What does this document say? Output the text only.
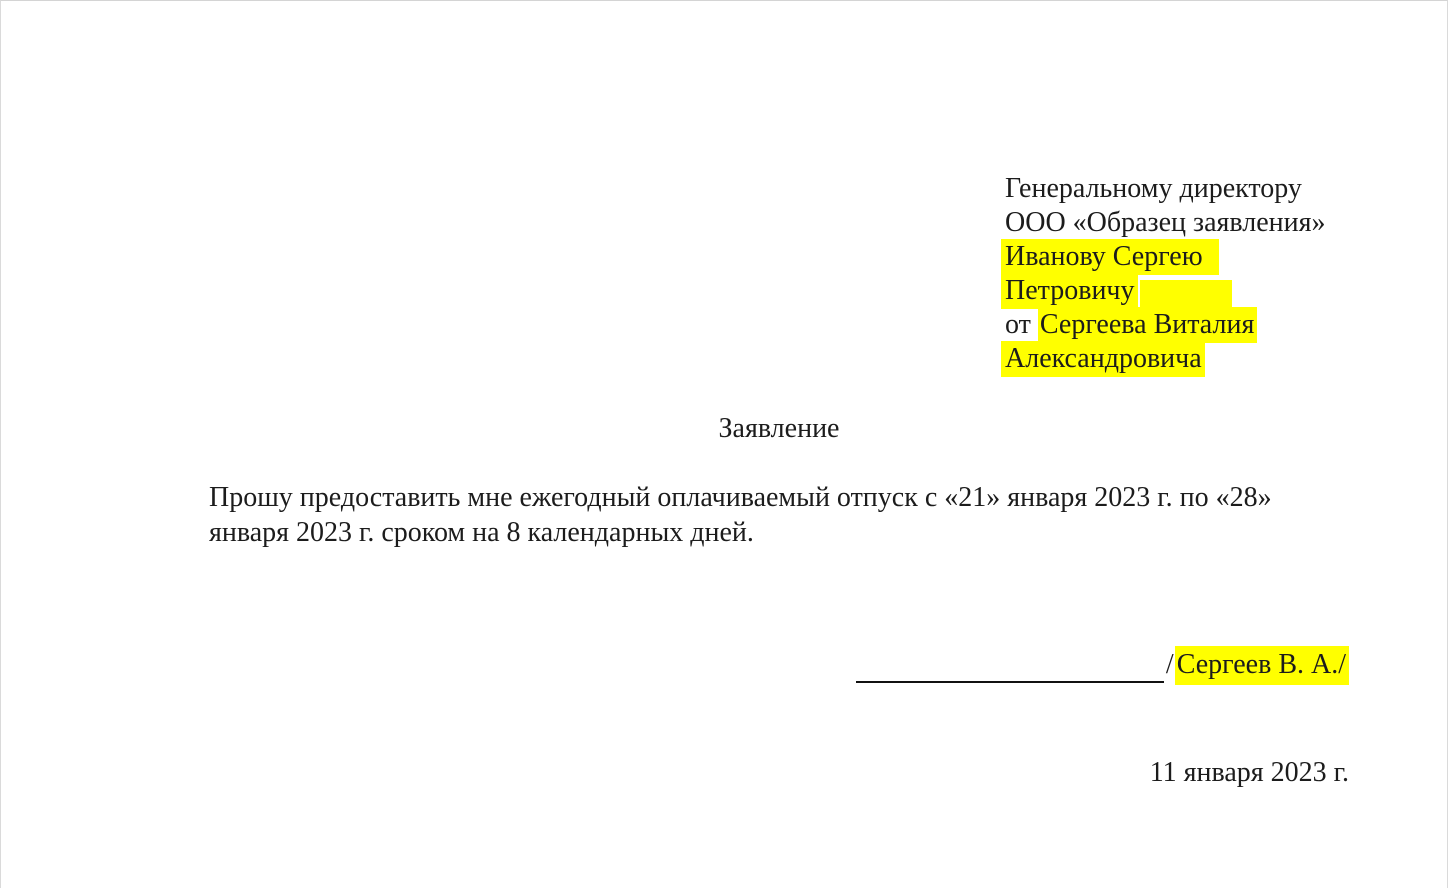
Генеральному директору
ООО «Образец заявления»
Иванову Сергею
Петровичу
от Сергеева Виталия
Александровича
Заявление
Прошу предоставить мне ежегодный оплачиваемый отпуск с «21» января 2023 г. по «28»
января 2023 г. сроком на 8 календарных дней.
/ Сергеев В. А./
11 января 2023 г.
